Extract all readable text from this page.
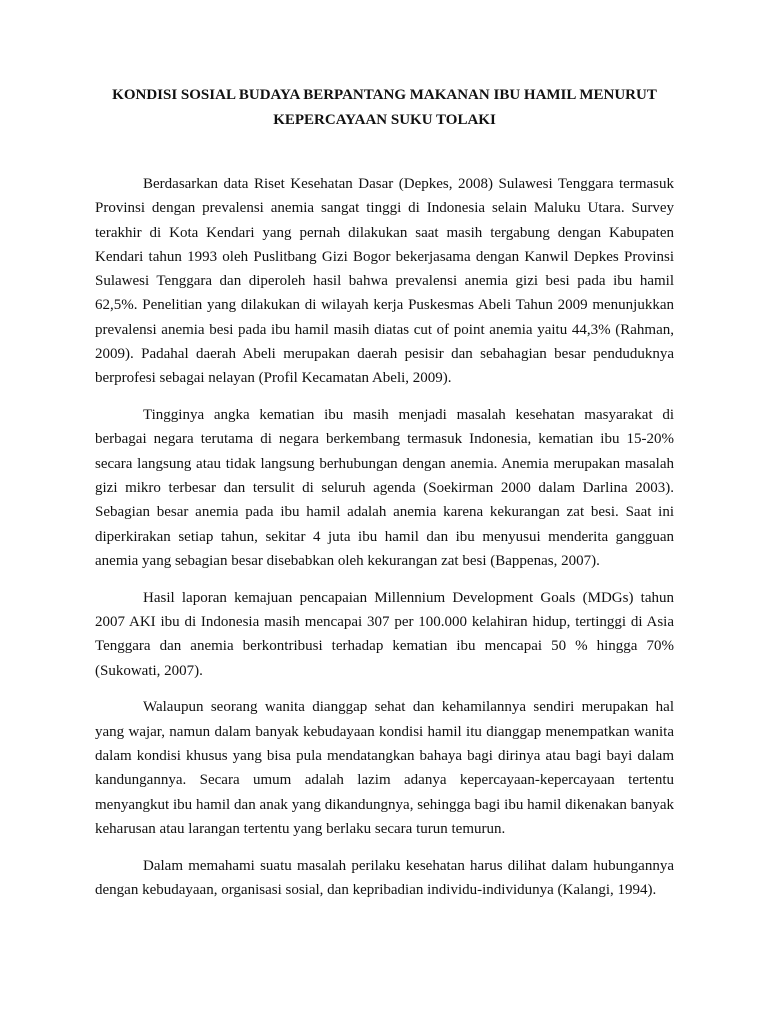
KONDISI SOSIAL BUDAYA BERPANTANG MAKANAN IBU HAMIL MENURUT
KEPERCAYAAN SUKU TOLAKI

Berdasarkan data Riset Kesehatan Dasar (Depkes, 2008) Sulawesi Tenggara termasuk Provinsi dengan prevalensi anemia sangat tinggi di Indonesia selain Maluku Utara. Survey terakhir di Kota Kendari yang pernah dilakukan saat masih tergabung dengan Kabupaten Kendari tahun 1993 oleh Puslitbang Gizi Bogor bekerjasama dengan Kanwil Depkes Provinsi Sulawesi Tenggara dan diperoleh hasil bahwa prevalensi anemia gizi besi pada ibu hamil 62,5%. Penelitian yang dilakukan di wilayah kerja Puskesmas Abeli Tahun 2009 menunjukkan prevalensi anemia besi pada ibu hamil masih diatas cut of point anemia yaitu 44,3% (Rahman, 2009). Padahal daerah Abeli merupakan daerah pesisir dan sebahagian besar penduduknya berprofesi sebagai nelayan (Profil Kecamatan Abeli, 2009).

Tingginya angka kematian ibu masih menjadi masalah kesehatan masyarakat di berbagai negara terutama di negara berkembang termasuk Indonesia, kematian ibu 15-20% secara langsung atau tidak langsung berhubungan dengan anemia. Anemia merupakan masalah gizi mikro terbesar dan tersulit di seluruh agenda (Soekirman 2000 dalam Darlina 2003). Sebagian besar anemia pada ibu hamil adalah anemia karena kekurangan zat besi. Saat ini diperkirakan setiap tahun, sekitar 4 juta ibu hamil dan ibu menyusui menderita gangguan anemia yang sebagian besar disebabkan oleh kekurangan zat besi (Bappenas, 2007).

Hasil laporan kemajuan pencapaian Millennium Development Goals (MDGs) tahun 2007 AKI ibu di Indonesia masih mencapai 307 per 100.000 kelahiran hidup, tertinggi di Asia Tenggara dan anemia berkontribusi terhadap kematian ibu mencapai 50 % hingga 70% (Sukowati, 2007).

Walaupun seorang wanita dianggap sehat dan kehamilannya sendiri merupakan hal yang wajar, namun dalam banyak kebudayaan kondisi hamil itu dianggap menempatkan wanita dalam kondisi khusus yang bisa pula mendatangkan bahaya bagi dirinya atau bagi bayi dalam kandungannya. Secara umum adalah lazim adanya kepercayaan-kepercayaan tertentu menyangkut ibu hamil dan anak yang dikandungnya, sehingga bagi ibu hamil dikenakan banyak keharusan atau larangan tertentu yang berlaku secara turun temurun.

Dalam memahami suatu masalah perilaku kesehatan harus dilihat dalam hubungannya dengan kebudayaan, organisasi sosial, dan kepribadian individu-individunya (Kalangi, 1994).
